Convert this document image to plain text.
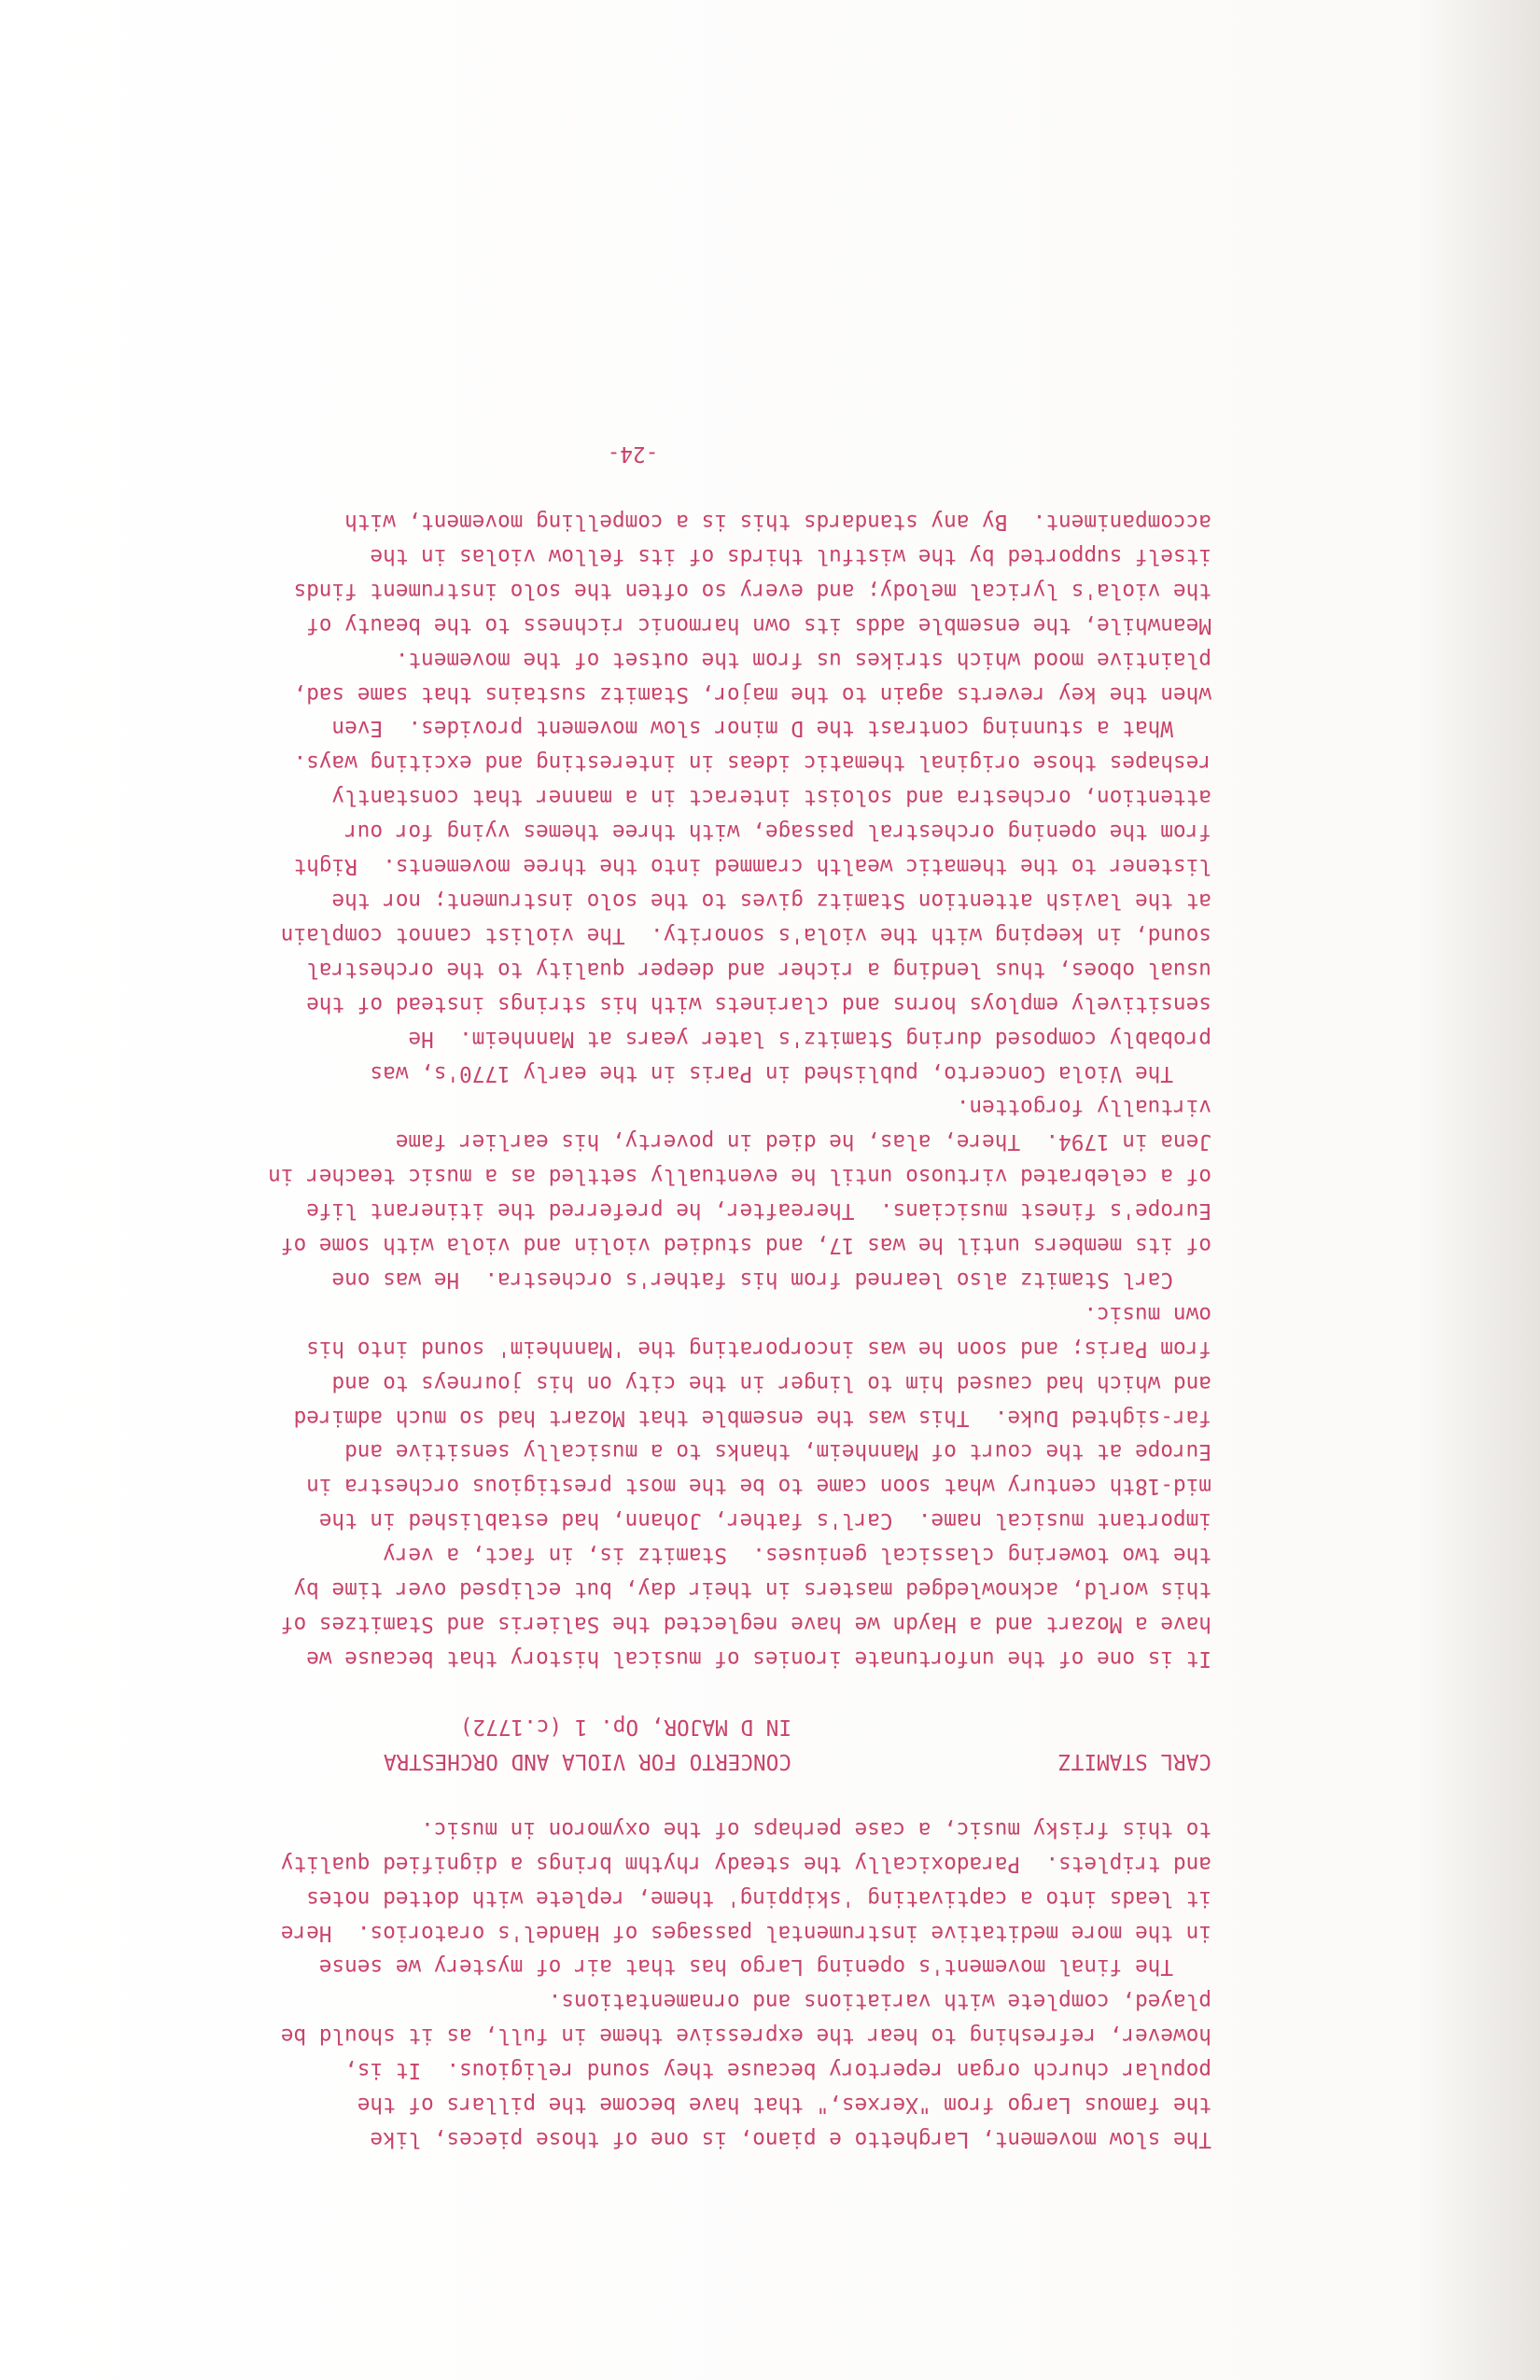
The slow movement, Larghetto e piano, is one of those pieces, like

the famous Largo from "Xerxes," that have become the pillars of the

popular church organ repertory because they sound religious.  It is,

however, refreshing to hear the expressive theme in full, as it should be

played, complete with variations and ornamentations.

The final movement's opening Largo has that air of mystery we sense

in the more meditative instrumental passages of Handel's oratorios.  Here

it leads into a captivating 'skipping' theme, replete with dotted notes

and triplets.  Paradoxically the steady rhythm brings a dignified quality

to this frisky music, a case perhaps of the oxymoron in music.

CARL STAMITZ
CONCERTO FOR VIOLA AND ORCHESTRA
IN D MAJOR, Op. 1 (c.1772)

It is one of the unfortunate ironies of musical history that because we

have a Mozart and a Haydn we have neglected the Salieris and Stamitzes of

this world, acknowledged masters in their day, but eclipsed over time by

the two towering classical geniuses.  Stamitz is, in fact, a very

important musical name.  Carl's father, Johann, had established in the

mid-18th century what soon came to be the most prestigious orchestra in

Europe at the court of Mannheim, thanks to a musically sensitive and

far-sighted Duke.  This was the ensemble that Mozart had so much admired

and which had caused him to linger in the city on his journeys to and

from Paris; and soon he was incorporating the 'Mannheim' sound into his

own music.

Carl Stamitz also learned from his father's orchestra.  He was one

of its members until he was 17, and studied violin and viola with some of

Europe's finest musicians.  Thereafter, he preferred the itinerant life

of a celebrated virtuoso until he eventually settled as a music teacher in

Jena in 1794.  There, alas, he died in poverty, his earlier fame

virtually forgotten.

The Viola Concerto, published in Paris in the early 1770's, was

probably composed during Stamitz's later years at Mannheim.  He

sensitively employs horns and clarinets with his strings instead of the

usual oboes, thus lending a richer and deeper quality to the orchestral

sound, in keeping with the viola's sonority.  The violist cannot complain

at the lavish attention Stamitz gives to the solo instrument; nor the

listener to the thematic wealth crammed into the three movements.  Right

from the opening orchestral passage, with three themes vying for our

attention, orchestra and soloist interact in a manner that constantly

reshapes those original thematic ideas in interesting and exciting ways.

What a stunning contrast the D minor slow movement provides.  Even

when the key reverts again to the major, Stamitz sustains that same sad,

plaintive mood which strikes us from the outset of the movement.

Meanwhile, the ensemble adds its own harmonic richness to the beauty of

the viola's lyrical melody; and every so often the solo instrument finds

itself supported by the wistful thirds of its fellow violas in the

accompaniment.  By any standards this is a compelling movement, with

-24-
